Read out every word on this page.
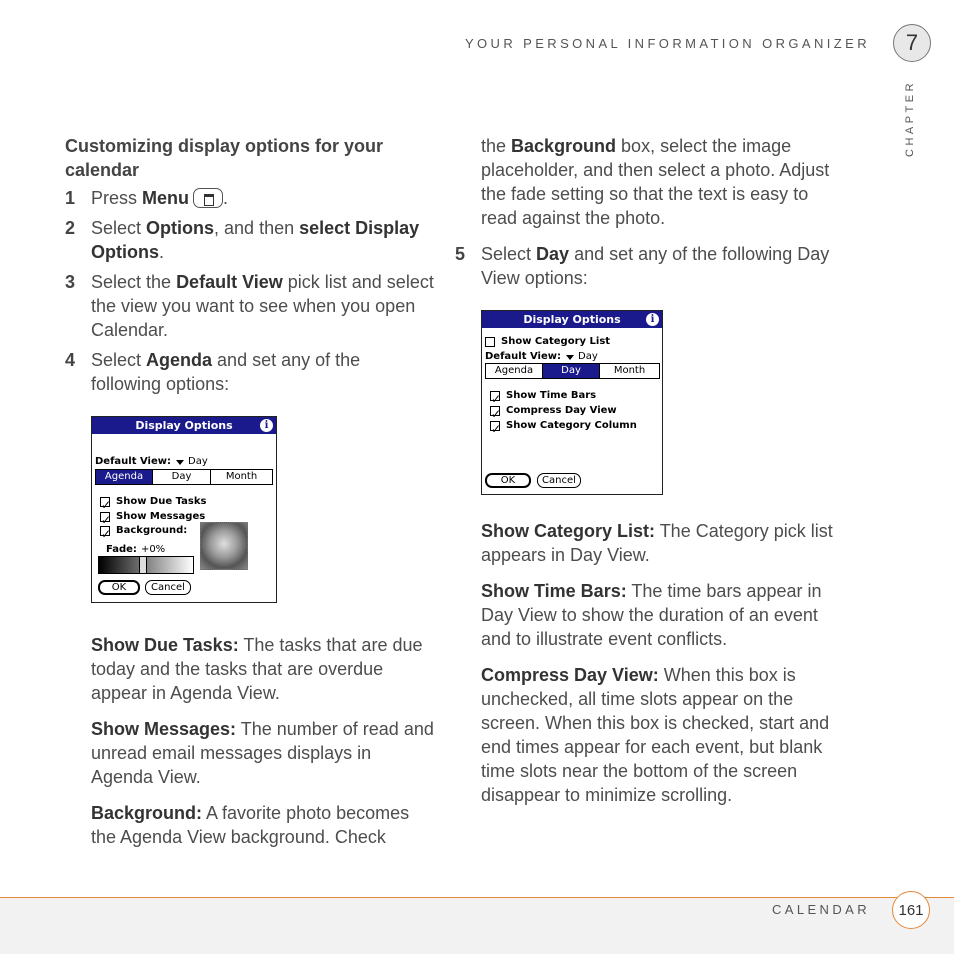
YOUR PERSONAL INFORMATION ORGANIZER	7
CHAPTER
Customizing display options for your calendar
1 Press Menu .
2 Select Options, and then select Display Options.
3 Select the Default View pick list and select the view you want to see when you open Calendar.
4 Select Agenda and set any of the following options:
Display Options	i
Default View: Day
Agenda	Day	Month
✓
Show Due Tasks
✓
Show Messages
✓
Background:
Fade: +0%
OK	Cancel
Show Due Tasks: The tasks that are due today and the tasks that are overdue appear in Agenda View.
Show Messages: The number of read and unread email messages displays in Agenda View.
Background: A favorite photo becomes the Agenda View background. Check
the Background box, select the image placeholder, and then select a photo. Adjust the fade setting so that the text is easy to read against the photo.
5 Select Day and set any of the following Day View options:
Display Options	i
Show Category List
Default View: Day
Agenda	Day	Month
✓
Show Time Bars
✓
Compress Day View
✓
Show Category Column
OK	Cancel
Show Category List: The Category pick list appears in Day View.
Show Time Bars: The time bars appear in Day View to show the duration of an event and to illustrate event conflicts.
Compress Day View: When this box is unchecked, all time slots appear on the screen. When this box is checked, start and end times appear for each event, but blank time slots near the bottom of the screen disappear to minimize scrolling.
CALENDAR	161
